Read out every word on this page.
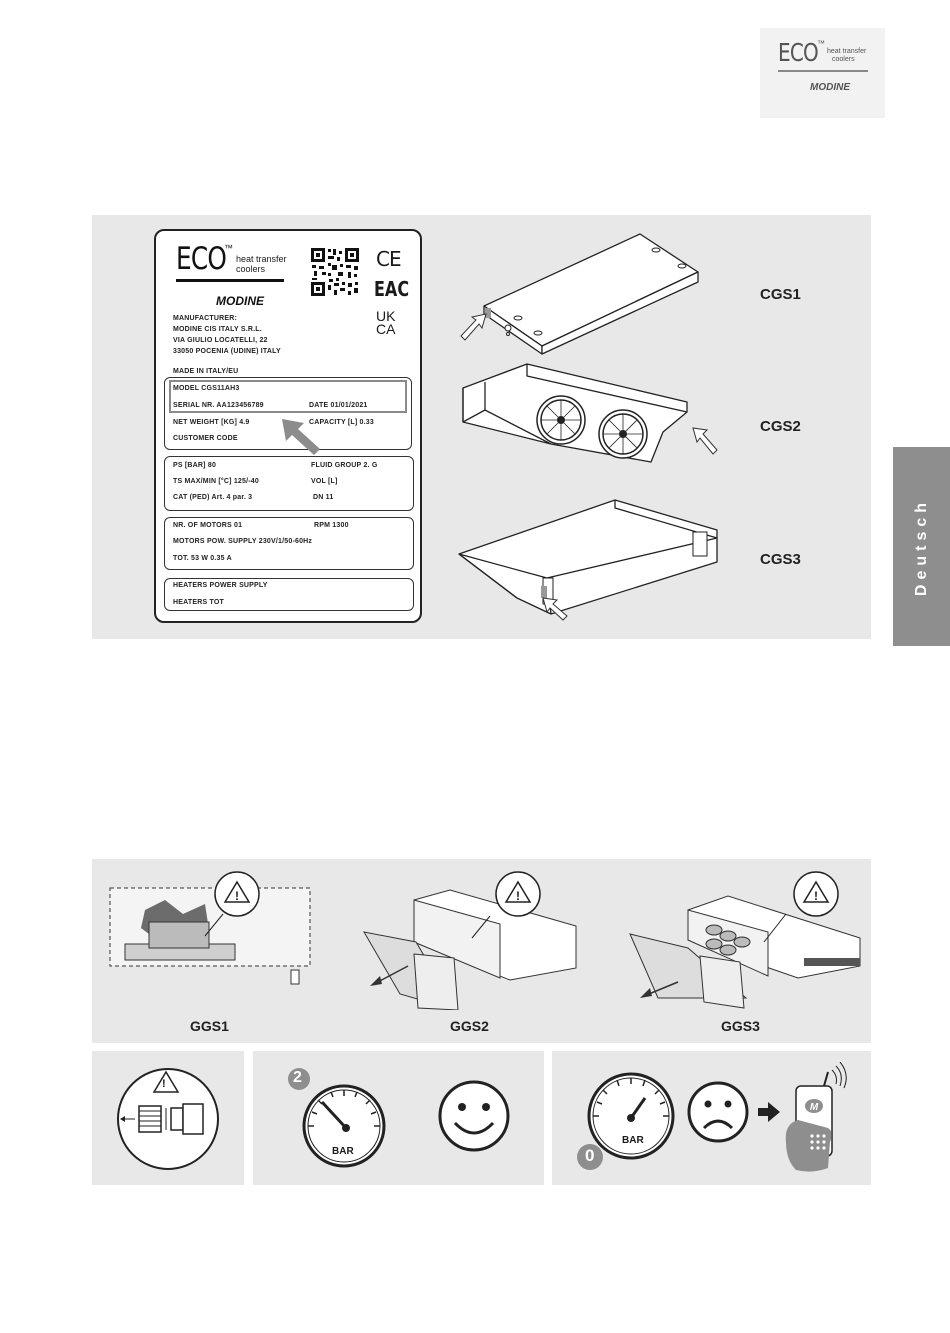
ECO ™
heat transfer
coolers
MODINE
Deutsch
ECO
™
heat transfer
coolers
MODINE
CE
EAC
UK
CA
MANUFACTURER:
MODINE CIS ITALY S.R.L.
VIA GIULIO LOCATELLI, 22
33050 POCENIA (UDINE) ITALY
MADE IN ITALY/EU
MODEL CGS11AH3
SERIAL NR. AA123456789	DATE 01/01/2021
NET WEIGHT [KG] 4.9	CAPACITY [L] 0.33
CUSTOMER CODE
PS [BAR] 80	FLUID GROUP 2. G
TS MAX/MIN [°C] 125/-40	VOL [L]
CAT (PED) Art. 4 par. 3	DN 11
NR. OF MOTORS 01	RPM 1300
MOTORS POW. SUPPLY 230V/1/50-60Hz
TOT. 53 W 0.35 A
HEATERS POWER SUPPLY
HEATERS TOT
CGS1
CGS2
CGS3
!	!	!
GGS1	GGS2	GGS3
!	2
BAR	0
BAR
M
